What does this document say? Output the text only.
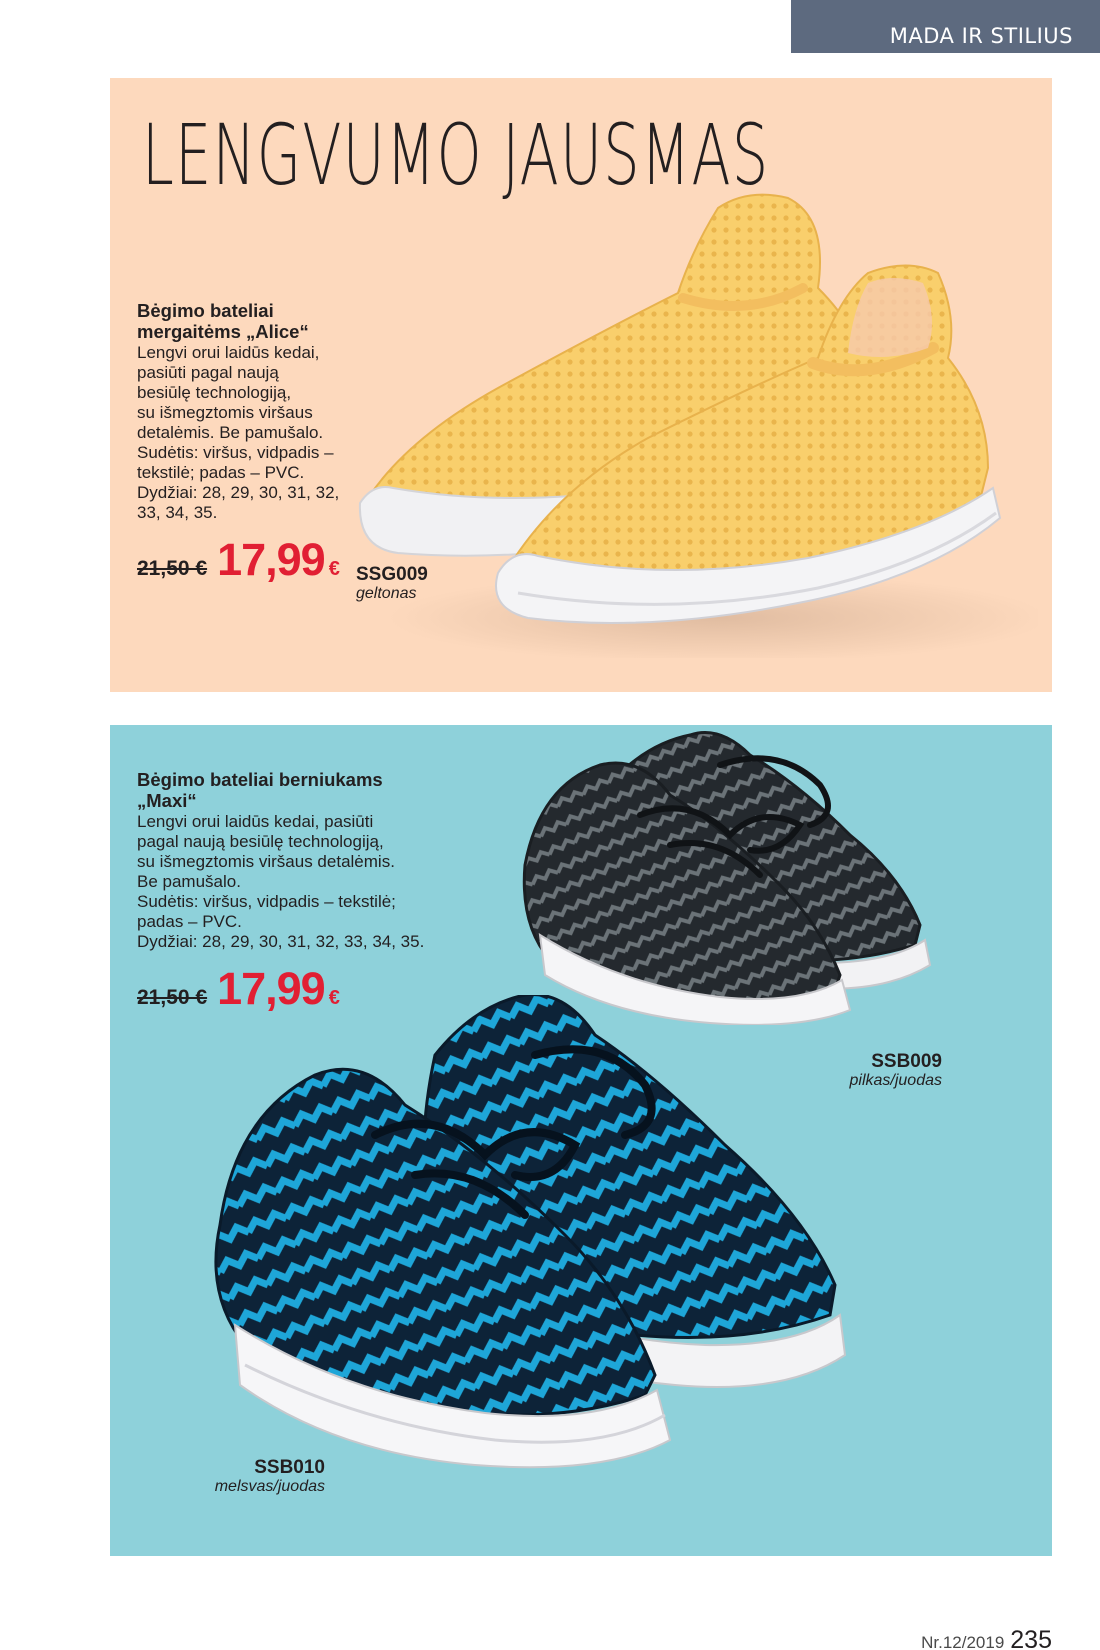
MADA IR STILIUS
LENGVUMO JAUSMAS
Bėgimo bateliai
mergaitėms „Alice“
Lengvi orui laidūs kedai,
pasiūti pagal naują
besiūlę technologiją,
su išmegztomis viršaus
detalėmis. Be pamušalo.
Sudėtis: viršus, vidpadis –
tekstilė; padas – PVC.
Dydžiai: 28, 29, 30, 31, 32,
33, 34, 35.
21,50 € 17,99 € SSG009
geltonas
Bėgimo bateliai berniukams
„Maxi“
Lengvi orui laidūs kedai, pasiūti
pagal naują besiūlę technologiją,
su išmegztomis viršaus detalėmis.
Be pamušalo.
Sudėtis: viršus, vidpadis – tekstilė;
padas – PVC.
Dydžiai: 28, 29, 30, 31, 32, 33, 34, 35.
21,50 € 17,99 €
SSB009
pilkas/juodas
SSB010
melsvas/juodas
Nr.12/2019 235
